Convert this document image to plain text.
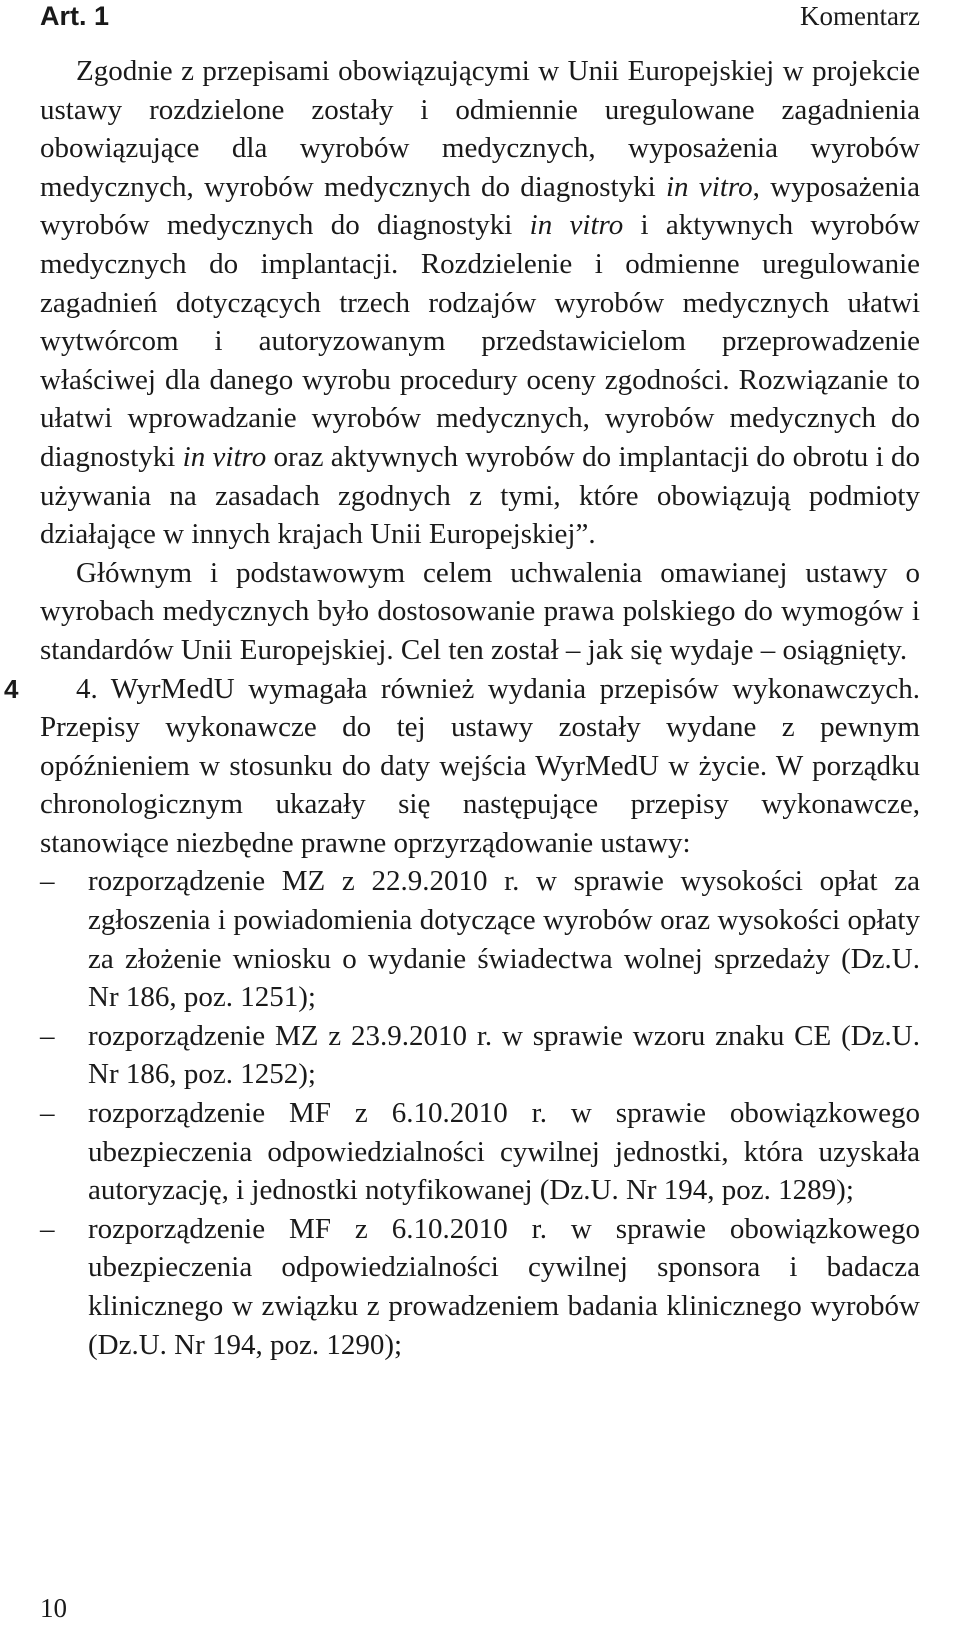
Art. 1	Komentarz

Zgodnie z przepisami obowiązującymi w Unii Europejskiej w projekcie ustawy rozdzielone zostały i odmiennie uregulowane zagadnienia obowiązujące dla wyrobów medycznych, wyposażenia wyrobów medycznych, wyrobów medycznych do diagnostyki in vitro, wyposażenia wyrobów medycznych do diagnostyki in vitro i aktywnych wyrobów medycznych do implantacji. Rozdzielenie i odmienne uregulowanie zagadnień dotyczących trzech rodzajów wyrobów medycznych ułatwi wytwórcom i autoryzowanym przedstawicielom przeprowadzenie właściwej dla danego wyrobu procedury oceny zgodności. Rozwiązanie to ułatwi wprowadzanie wyrobów medycznych, wyrobów medycznych do diagnostyki in vitro oraz aktywnych wyrobów do implantacji do obrotu i do używania na zasadach zgodnych z tymi, które obowiązują podmioty działające w innych krajach Unii Europejskiej”.

Głównym i podstawowym celem uchwalenia omawianej ustawy o wyrobach medycznych było dostosowanie prawa polskiego do wymogów i standardów Unii Europejskiej. Cel ten został – jak się wydaje – osiągnięty.

4 4. WyrMedU wymagała również wydania przepisów wykonawczych. Przepisy wykonawcze do tej ustawy zostały wydane z pewnym opóźnieniem w stosunku do daty wejścia WyrMedU w życie. W porządku chronologicznym ukazały się następujące przepisy wykonawcze, stanowiące niezbędne prawne oprzyrządowanie ustawy:

–	rozporządzenie MZ z 22.9.2010 r. w sprawie wysokości opłat za zgłoszenia i powiadomienia dotyczące wyrobów oraz wysokości opłaty za złożenie wniosku o wydanie świadectwa wolnej sprzedaży (Dz.U. Nr 186, poz. 1251);
–	rozporządzenie MZ z 23.9.2010 r. w sprawie wzoru znaku CE (Dz.U. Nr 186, poz. 1252);
–	rozporządzenie MF z 6.10.2010 r. w sprawie obowiązkowego ubezpieczenia odpowiedzialności cywilnej jednostki, która uzyskała autoryzację, i jednostki notyfikowanej (Dz.U. Nr 194, poz. 1289);
–	rozporządzenie MF z 6.10.2010 r. w sprawie obowiązkowego ubezpieczenia odpowiedzialności cywilnej sponsora i badacza klinicznego w związku z prowadzeniem badania klinicznego wyrobów (Dz.U. Nr 194, poz. 1290);
10
